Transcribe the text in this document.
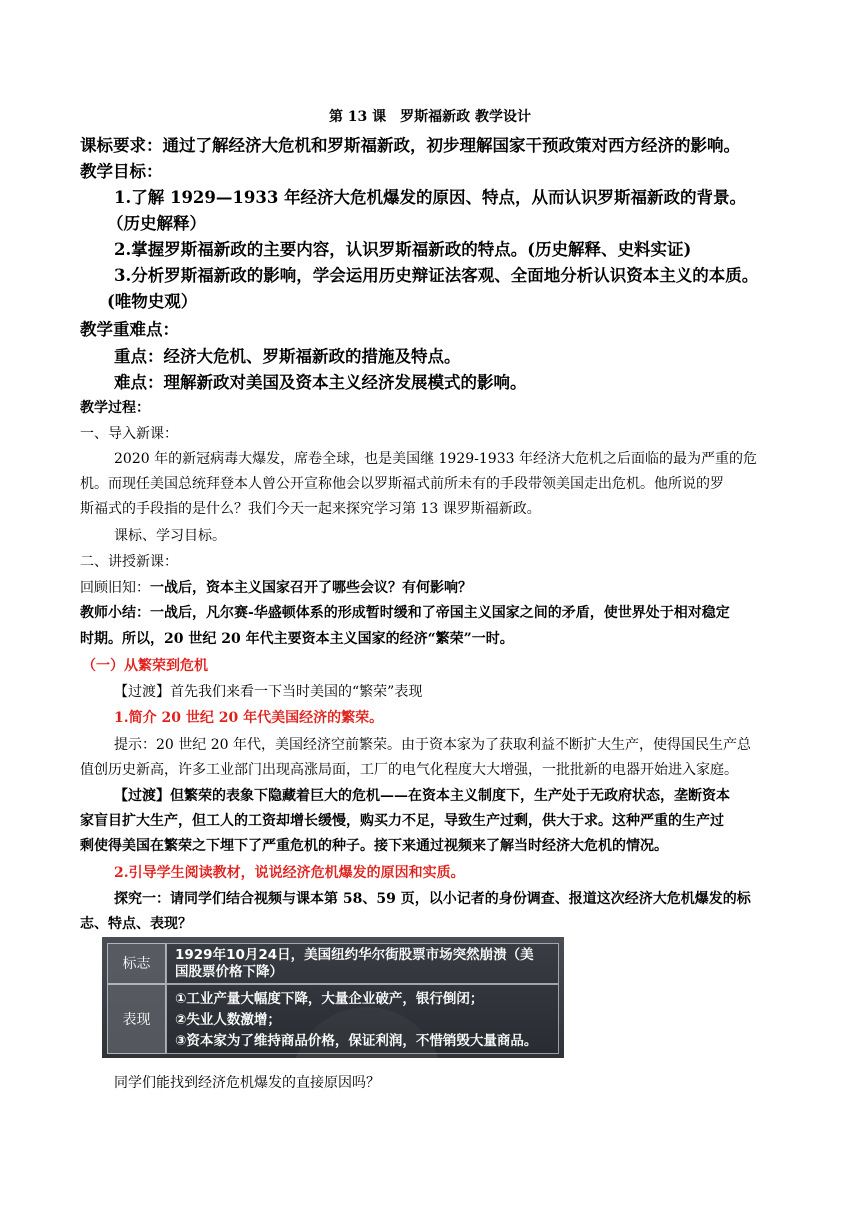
第 13 课　罗斯福新政 教学设计
课标要求：通过了解经济大危机和罗斯福新政，初步理解国家干预政策对西方经济的影响。
教学目标：
1.了解 1929—1933 年经济大危机爆发的原因、特点，从而认识罗斯福新政的背景。
（历史解释）
2.掌握罗斯福新政的主要内容，认识罗斯福新政的特点。(历史解释、史料实证)
3.分析罗斯福新政的影响，学会运用历史辩证法客观、全面地分析认识资本主义的本质。
(唯物史观）
教学重难点：
重点：经济大危机、罗斯福新政的措施及特点。
难点：理解新政对美国及资本主义经济发展模式的影响。
教学过程：
一、导入新课：
2020 年的新冠病毒大爆发，席卷全球，也是美国继 1929-1933 年经济大危机之后面临的最为严重的危
机。而现任美国总统拜登本人曾公开宣称他会以罗斯福式前所未有的手段带领美国走出危机。他所说的罗
斯福式的手段指的是什么？我们今天一起来探究学习第 13 课罗斯福新政。
课标、学习目标。
二、讲授新课：
回顾旧知：一战后，资本主义国家召开了哪些会议？有何影响？
教师小结：一战后，凡尔赛-华盛顿体系的形成暂时缓和了帝国主义国家之间的矛盾，使世界处于相对稳定
时期。所以，20 世纪 20 年代主要资本主义国家的经济“繁荣”一时。
（一）从繁荣到危机
【过渡】首先我们来看一下当时美国的“繁荣”表现
1.简介 20 世纪 20 年代美国经济的繁荣。
提示：20 世纪 20 年代，美国经济空前繁荣。由于资本家为了获取利益不断扩大生产，使得国民生产总
值创历史新高，许多工业部门出现高涨局面，工厂的电气化程度大大增强，一批批新的电器开始进入家庭。
【过渡】但繁荣的表象下隐藏着巨大的危机——在资本主义制度下，生产处于无政府状态，垄断资本
家盲目扩大生产，但工人的工资却增长缓慢，购买力不足，导致生产过剩，供大于求。这种严重的生产过
剩使得美国在繁荣之下埋下了严重危机的种子。接下来通过视频来了解当时经济大危机的情况。
2.引导学生阅读教材，说说经济危机爆发的原因和实质。
探究一：请同学们结合视频与课本第 58、59 页，以小记者的身份调查、报道这次经济大危机爆发的标
志、特点、表现？
标志
1929年10月24日，美国纽约华尔街股票市场突然崩溃（美
国股票价格下降）
表现
①工业产量大幅度下降，大量企业破产，银行倒闭；
②失业人数激增；
③资本家为了维持商品价格，保证利润，不惜销毁大量商品。
同学们能找到经济危机爆发的直接原因吗？
